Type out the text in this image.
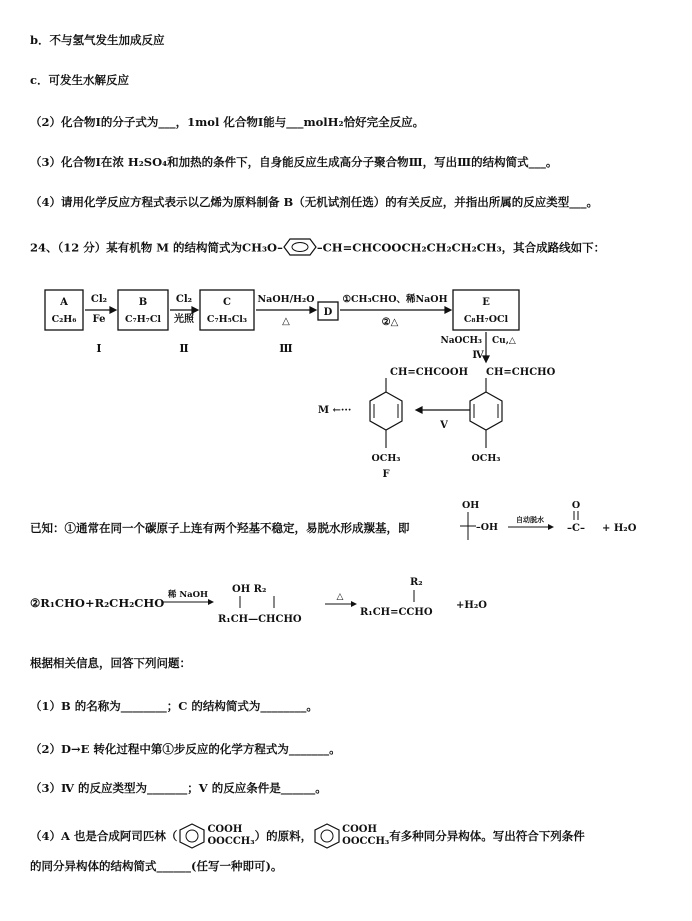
b．不与氢气发生加成反应
c．可发生水解反应
（2）化合物Ⅰ的分子式为___，1mol 化合物Ⅰ能与___molH₂恰好完全反应。
（3）化合物Ⅰ在浓 H₂SO₄和加热的条件下，自身能反应生成高分子聚合物Ⅲ，写出Ⅲ的结构简式___。
（4）请用化学反应方程式表示以乙烯为原料制备 B（无机试剂任选）的有关反应，并指出所属的反应类型___。
24、（12 分）某有机物 M 的结构简式为CH₃O–	–CH=CHCOOCH₂CH₂CH₂CH₃，其合成路线如下：
A
C₂H₆
B
C₇H₇Cl
C
C₇H₅Cl₃
D
E
C₈H₇OCl
Cl₂
Fe
Cl₂
光照
NaOH/H₂O
△
①CH₃CHO、稀NaOH
②△
NaOCH₃ Cu,△
Ⅰ	Ⅱ	Ⅲ
Ⅳ
Ⅴ
CH=CHCOOH
OCH₃
F
CH=CHCHO
OCH₃
M ←···
OH
–OH
自动脱水
O
–C– + H₂O
稀 NaOH OH R₂
R₁CH—CHCHO
△
R₂
R₁CH=CCHO
+H₂O
已知：①通常在同一个碳原子上连有两个羟基不稳定，易脱水形成羰基，即
②R₁CHO+R₂CH₂CHO
根据相关信息，回答下列问题：
（1）B 的名称为________；C 的结构简式为________。
（2）D→E 转化过程中第①步反应的化学方程式为_______。
（3）Ⅳ 的反应类型为_______；Ⅴ 的反应条件是______。
（4）A 也是合成阿司匹林（	COOH
OOCCH₃ ）的原料，	COOH
OOCCH₃ 有多种同分异构体。写出符合下列条件
的同分异构体的结构简式______(任写一种即可)。
